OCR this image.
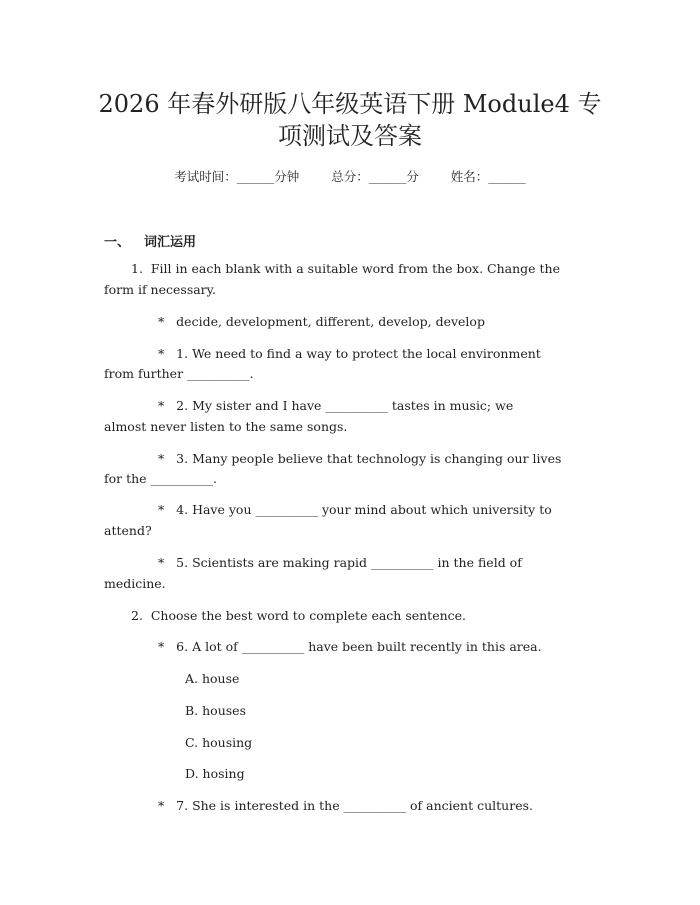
2026 年春外研版八年级英语下册 Module4 专
项测试及答案
考试时间：______分钟	总分：______分	姓名：______
一、 词汇运用
1.  Fill in each blank with a suitable word from the box. Change the
form if necessary.
*   decide, development, different, develop, develop
*   1. We need to find a way to protect the local environment
from further __________.
*   2. My sister and I have __________ tastes in music; we
almost never listen to the same songs.
*   3. Many people believe that technology is changing our lives
for the __________.
*   4. Have you __________ your mind about which university to
attend?
*   5. Scientists are making rapid __________ in the field of
medicine.
2.  Choose the best word to complete each sentence.
*   6. A lot of __________ have been built recently in this area.
A. house
B. houses
C. housing
D. hosing
*   7. She is interested in the __________ of ancient cultures.
